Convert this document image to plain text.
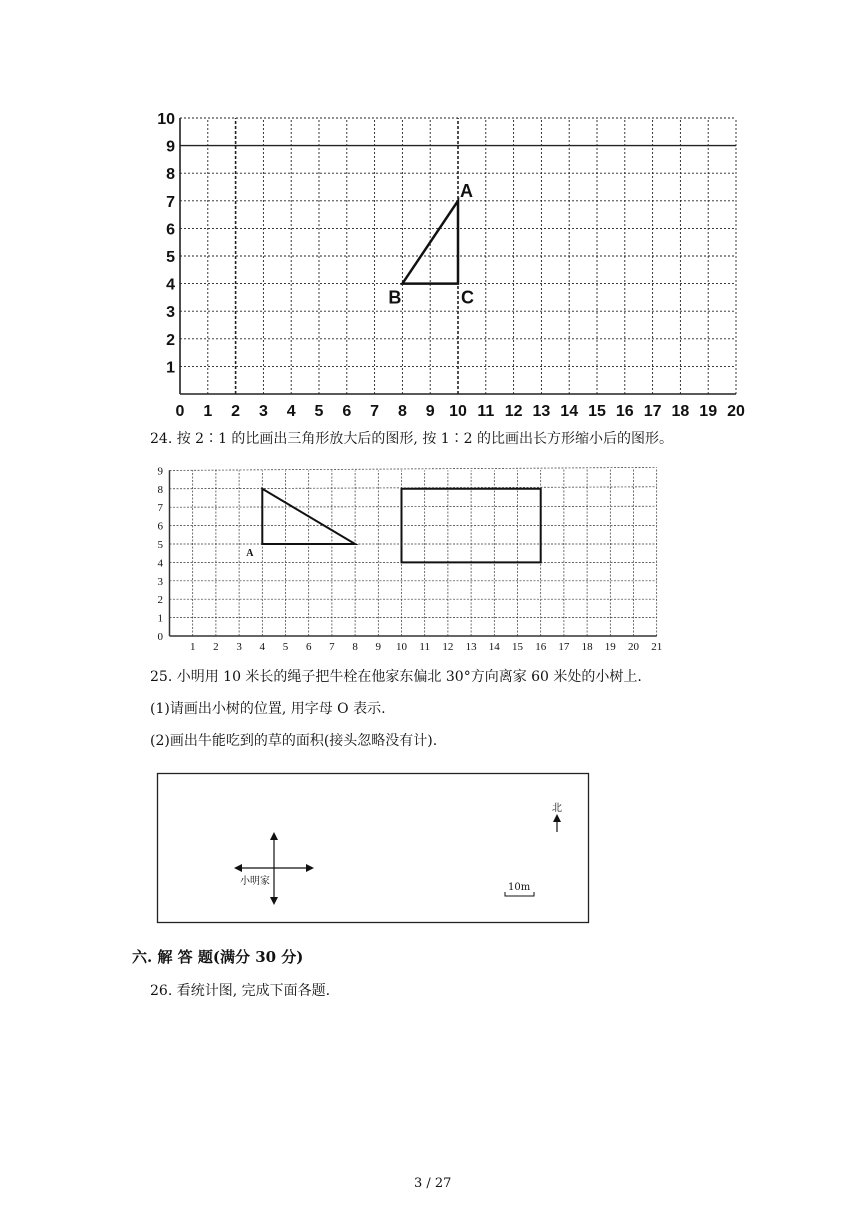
0 1 2 3 4 5 6 7 8 9 10 11 12 13 14 15 16 17 18 19 20
1
2
3
4
5
6
7
8
9
10
A
B	C
24. 按 2∶1 的比画出三角形放大后的图形, 按 1∶2 的比画出长方形缩小后的图形。
1 2 3 4 5 6 7 8 9 10 11 12 13 14 15 16 17 18 19 20 21
0
1
2
3
4
5
6
7
8
9
A
25. 小明用 10 米长的绳子把牛栓在他家东偏北 30°方向离家 60 米处的小树上.
(1)请画出小树的位置, 用字母 O 表示.
(2)画出牛能吃到的草的面积(接头忽略没有计).
小明家
北
10m
六. 解 答 题(满分 30 分)
26. 看统计图, 完成下面各题.
3 / 27
